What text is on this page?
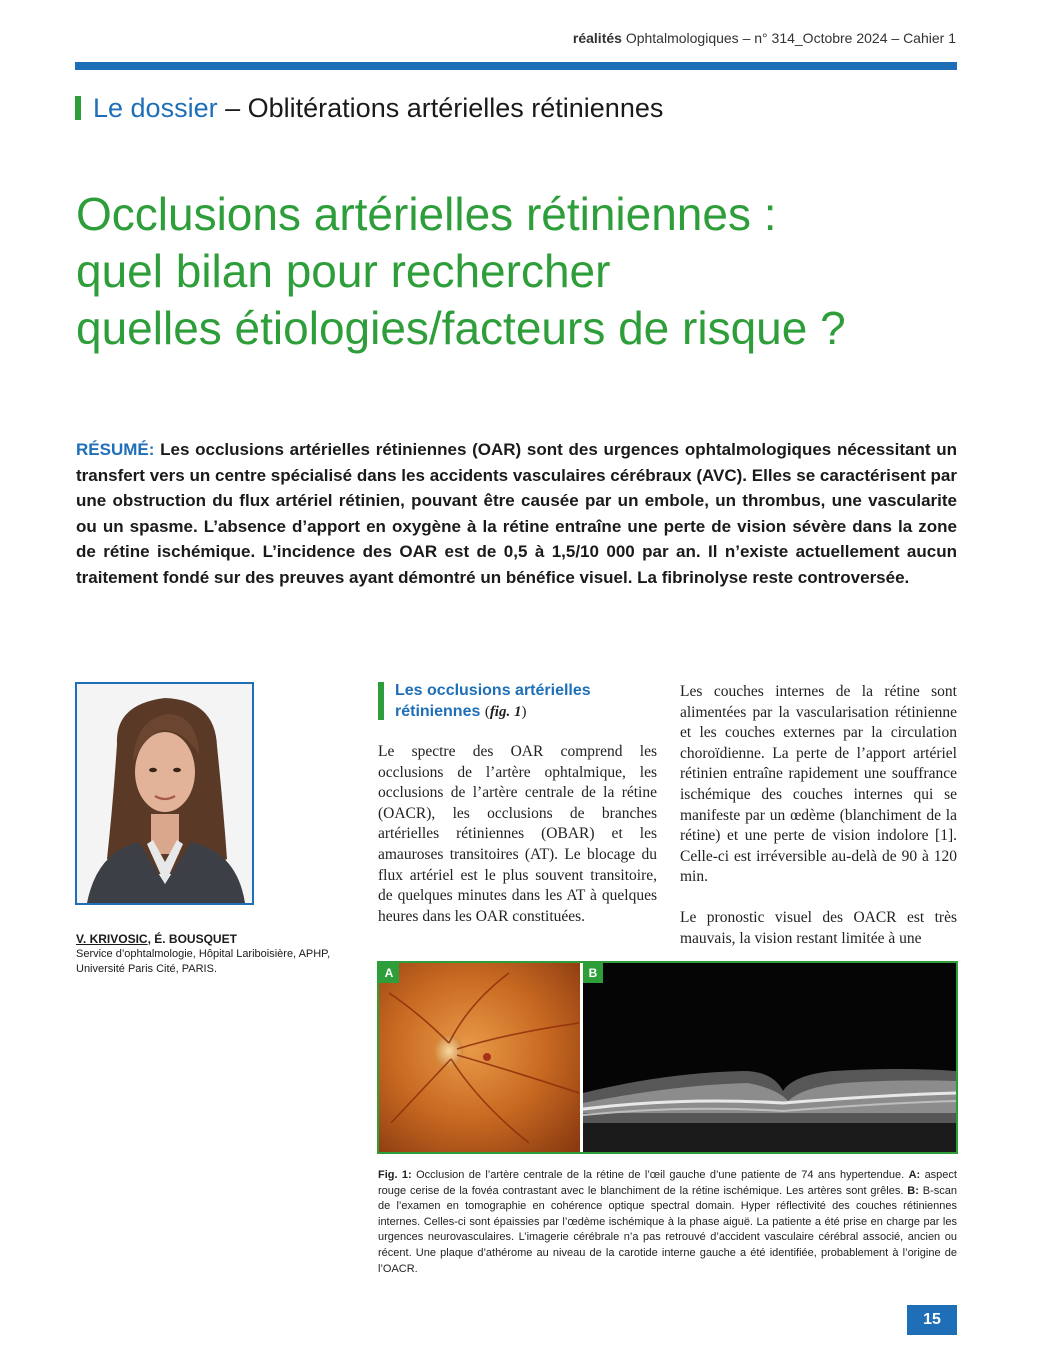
réalités Ophtalmologiques – n° 314_Octobre 2024 – Cahier 1
Le dossier – Oblitérations artérielles rétiniennes
Occlusions artérielles rétiniennes :
quel bilan pour rechercher
quelles étiologies/facteurs de risque ?

RÉSUMÉ: Les occlusions artérielles rétiniennes (OAR) sont des urgences ophtalmologiques nécessitant un transfert vers un centre spécialisé dans les accidents vasculaires cérébraux (AVC). Elles se caractérisent par une obstruction du flux artériel rétinien, pouvant être causée par un embole, un thrombus, une vascularite ou un spasme. L’absence d’apport en oxygène à la rétine entraîne une perte de vision sévère dans la zone de rétine ischémique. L’incidence des OAR est de 0,5 à 1,5/10 000 par an. Il n’existe actuellement aucun traitement fondé sur des preuves ayant démontré un bénéfice visuel. La fibrinolyse reste controversée.

V. KRIVOSIC, É. BOUSQUET
Service d’ophtalmologie, Hôpital Lariboisière, APHP,
Université Paris Cité, PARIS.
Les occlusions artérielles rétiniennes (fig. 1)

Le spectre des OAR comprend les occlusions de l’artère ophtalmique, les occlusions de l’artère centrale de la rétine (OACR), les occlusions de branches artérielles rétiniennes (OBAR) et les amauroses transitoires (AT). Le blocage du flux artériel est le plus souvent transitoire, de quelques minutes dans les AT à quelques heures dans les OAR constituées.

Les couches internes de la rétine sont alimentées par la vascularisation rétinienne et les couches externes par la circulation choroïdienne. La perte de l’apport artériel rétinien entraîne rapidement une souffrance ischémique des couches internes qui se manifeste par un œdème (blanchiment de la rétine) et une perte de vision indolore [1]. Celle-ci est irréversible au-delà de 90 à 120 min.

Le pronostic visuel des OACR est très mauvais, la vision restant limitée à une

A	B

Fig. 1: Occlusion de l’artère centrale de la rétine de l’œil gauche d’une patiente de 74 ans hypertendue. A: aspect rouge cerise de la fovéa contrastant avec le blanchiment de la rétine ischémique. Les artères sont grêles. B: B-scan de l’examen en tomographie en cohérence optique spectral domain. Hyper réflectivité des couches rétiniennes internes. Celles-ci sont épaissies par l’œdème ischémique à la phase aiguë. La patiente a été prise en charge par les urgences neurovasculaires. L’imagerie cérébrale n’a pas retrouvé d’accident vasculaire cérébral associé, ancien ou récent. Une plaque d’athérome au niveau de la carotide interne gauche a été identifiée, probablement à l’origine de l’OACR.

15
